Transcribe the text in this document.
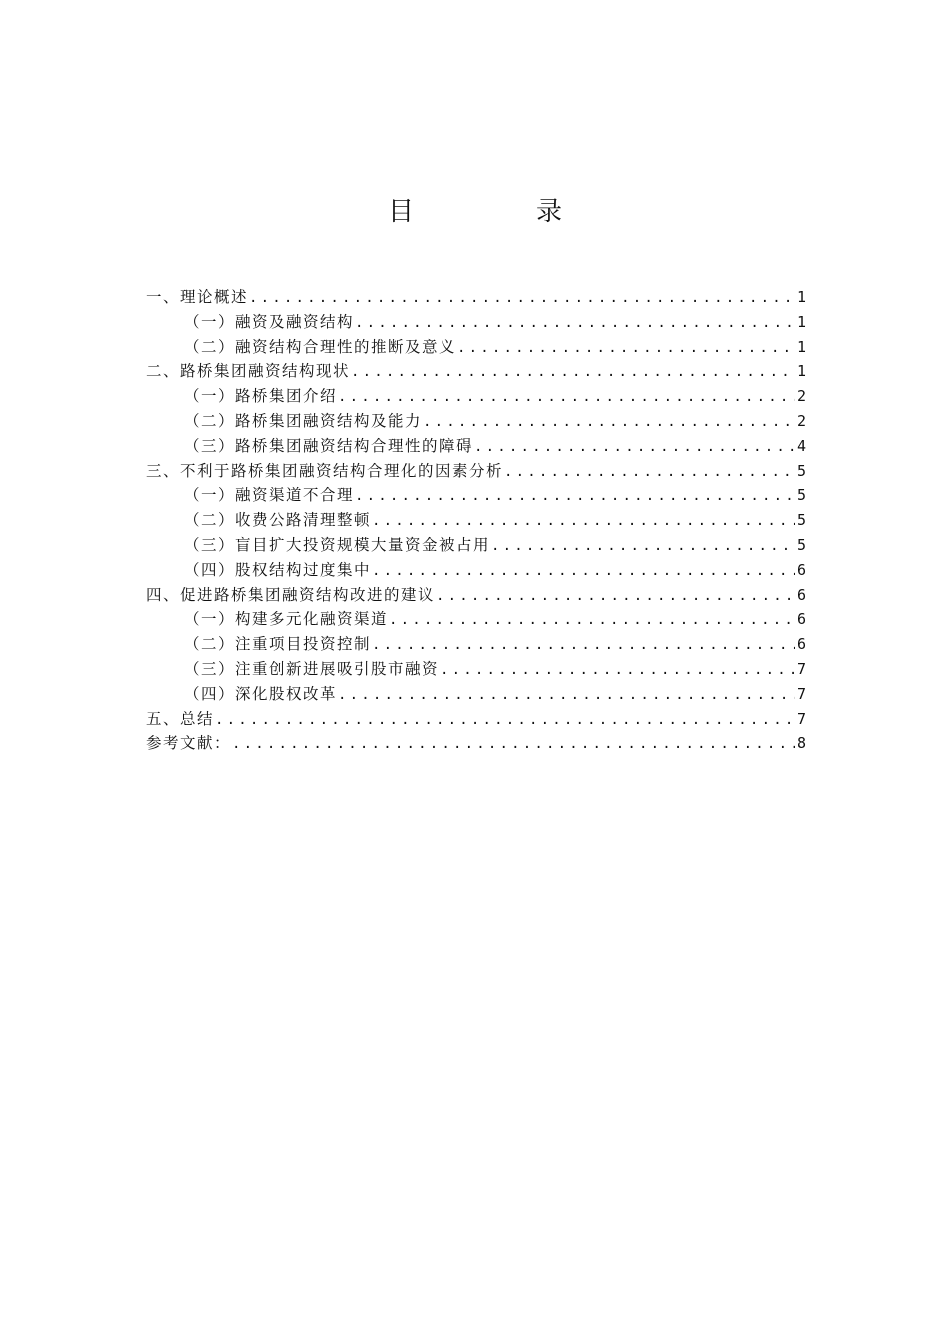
目　录
一、理论概述 .....	1
（一）融资及融资结构 .....	1
（二）融资结构合理性的推断及意义 .....	1
二、路桥集团融资结构现状 .....	1
（一）路桥集团介绍 .....	2
（二）路桥集团融资结构及能力 .....	2
（三）路桥集团融资结构合理性的障碍 .....	4
三、不利于路桥集团融资结构合理化的因素分析 .....	5
（一）融资渠道不合理 .....	5
（二）收费公路清理整顿 .....	5
（三）盲目扩大投资规模大量资金被占用 .....	5
（四）股权结构过度集中 .....	6
四、促进路桥集团融资结构改进的建议 .....	6
（一）构建多元化融资渠道 .....	6
（二）注重项目投资控制 .....	6
（三）注重创新进展吸引股市融资 .....	7
（四）深化股权改革 .....	7
五、总结 .....	7
参考文献： .....	8
